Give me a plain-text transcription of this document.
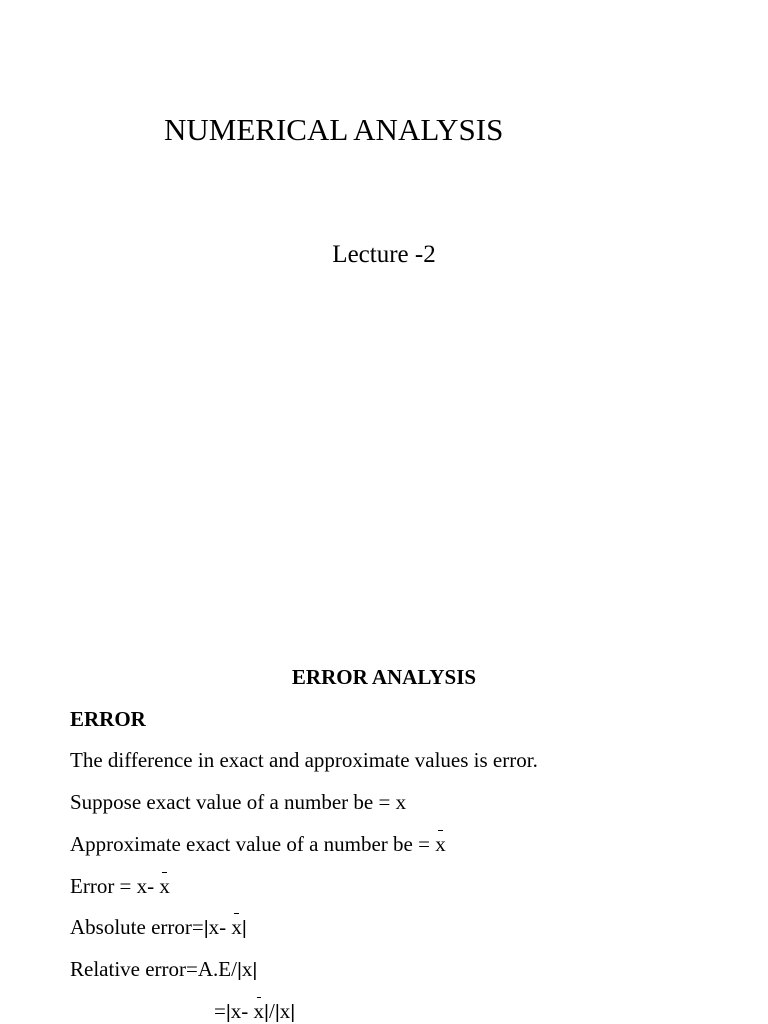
NUMERICAL ANALYSIS
Lecture -2
ERROR ANALYSIS
ERROR
The difference in exact and approximate values is error.
Suppose exact value of a number be = x
Approximate exact value of a number be = x
Error = x- x
Absolute error=|x- x|
Relative error=A.E/|x|
=|x- x|/|x|
